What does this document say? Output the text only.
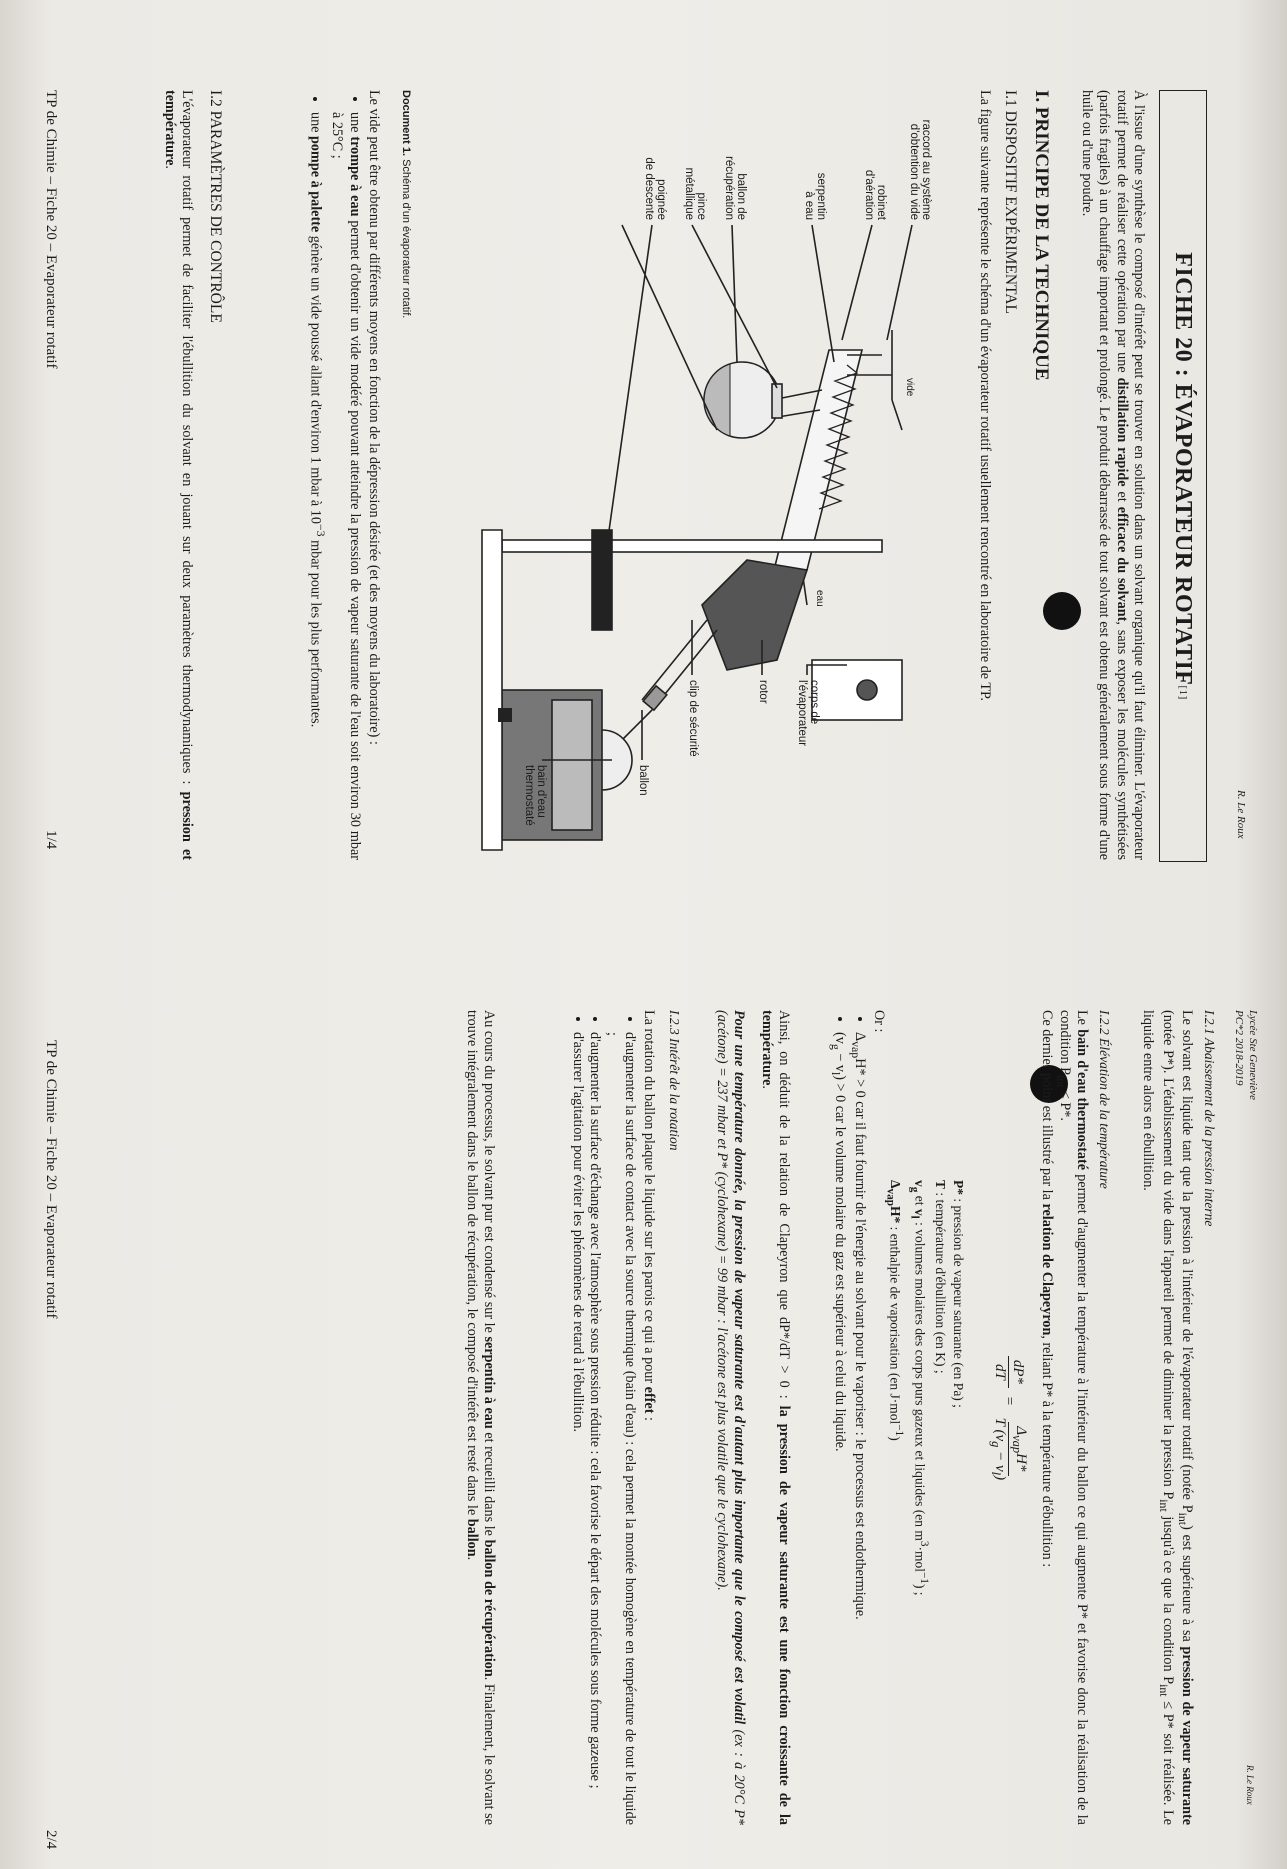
R. Le Roux
FICHE 20 : ÉVAPORATEUR ROTATIF
[1]

À l'issue d'une synthèse le composé d'intérêt peut se trouver en solution dans un solvant organique qu'il faut éliminer. L'évaporateur rotatif permet de réaliser cette opération par une distillation rapide et efficace du solvant, sans exposer les molécules synthétisées (parfois fragiles) à un chauffage important et prolongé. Le produit débarrassé de tout solvant est obtenu généralement sous forme d'une huile ou d'une poudre.

I. PRINCIPE DE LA TECHNIQUE
I.1 DISPOSITIF EXPÉRIMENTAL

La figure suivante représente le schéma d'un évaporateur rotatif usuellement rencontré en laboratoire de TP.

vide
eau
raccord au système
d'obtention du vide
robinet
d'aération
serpentin
à eau
ballon de
récupération
pince
métallique
poignée
de descente
corps de
l'évaporateur
rotor
clip de sécurité
ballon
bain d'eau thermostaté
Document 1. Schéma d'un évaporateur rotatif.

Le vide peut être obtenu par différents moyens en fonction de la dépression désirée (et des moyens du laboratoire) :

• une trompe à eau permet d'obtenir un vide modéré pouvant atteindre la pression de vapeur saturante de l'eau soit environ 30 mbar à 25°C ;
• une pompe à palette génère un vide poussé allant d'environ 1 mbar à $10^{-3}$ mbar pour les plus performantes.
I.2 PARAMÈTRES DE CONTRÔLE

L'évaporateur rotatif permet de faciliter l'ébullition du solvant en jouant sur deux paramètres thermodynamiques : pression et température.

TP de Chimie – Fiche 20 – Evaporateur rotatif
1/4
Lycée Ste Geneviève
PC*2 2018-2019
R. Le Roux
I.2.1 Abaissement de la pression interne

Le solvant est liquide tant que la pression à l'intérieur de l'évaporateur rotatif (notée $P_{int}$) est supérieure à sa pression de vapeur saturante (notée P*). L'établissement du vide dans l'appareil permet de diminuer la pression $P_{int}$ jusqu'à ce que la condition $P_{int} \le P*$ soit réalisée. Le liquide entre alors en ébullition.

I.2.2 Élévation de la température

Le bain d'eau thermostaté permet d'augmenter la température à l'intérieur du ballon ce qui augmente P* et favorise donc la réalisation de la condition $P_{int} \le P*$.

Ce dernier point est illustré par la relation de Clapeyron, reliant P* à la température d'ébullition :

dP*
dT
=
$\Delta_{vap}H*$
T $(v_g - v_l)$
P* : pression de vapeur saturante (en Pa) ;
T : température d'ébullition (en K) ;
$v_g$ et $v_l$ : volumes molaires des corps purs gazeux et liquides (en $m^3\cdot mol^{-1}$) ;
$\Delta_{vap}H*$ : enthalpie de vaporisation (en J·mol$^{-1}$)
Or :
• $\Delta_{vap}H* > 0$ car il faut fournir de l'énergie au solvant pour le vaporiser : le processus est endothermique.
• $(v_g - v_l) > 0$ car le volume molaire du gaz est supérieur à celui du liquide.

Ainsi, on déduit de la relation de Clapeyron que dP*/dT > 0 : la pression de vapeur saturante est une fonction croissante de la température.

Pour une température donnée, la pression de vapeur saturante est d'autant plus importante que le composé est volatil (ex : à 20°C P*(acétone) = 237 mbar et P* (cyclohexane) = 99 mbar : l'acétone est plus volatile que le cyclohexane).

I.2.3 Intérêt de la rotation

La rotation du ballon plaque le liquide sur les parois ce qui a pour effet :

• d'augmenter la surface de contact avec la source thermique (bain d'eau) : cela permet la montée homogène en température de tout le liquide ;
• d'augmenter la surface d'échange avec l'atmosphère sous pression réduite : cela favorise le départ des molécules sous forme gazeuse ;
• d'assurer l'agitation pour éviter les phénomènes de retard à l'ébullition.

Au cours du processus, le solvant pur est condensé sur le serpentin à eau et recueilli dans le ballon de récupération. Finalement, le solvant se trouve intégralement dans le ballon de récupération, le composé d'intérêt est resté dans le ballon.

TP de Chimie – Fiche 20 – Evaporateur rotatif
2/4
